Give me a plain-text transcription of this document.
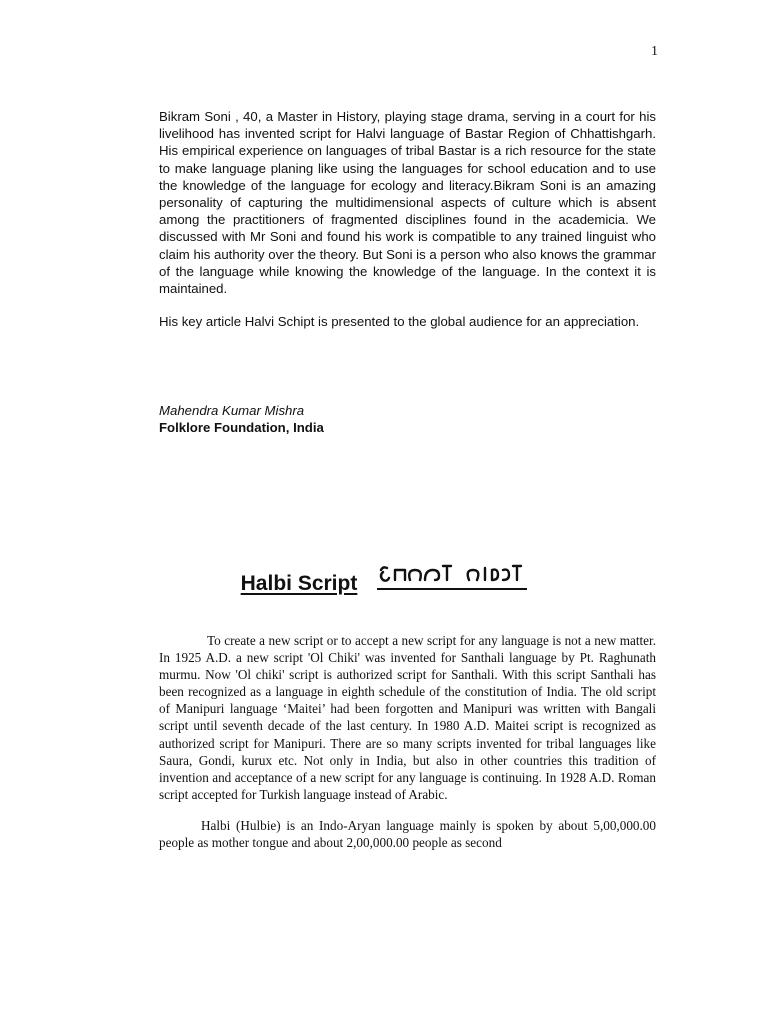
1

Bikram Soni , 40, a Master in History, playing stage drama, serving in a court for his livelihood has invented script for Halvi language of Bastar Region of Chhattishgarh. His empirical experience on languages of tribal Bastar is a rich resource for the state to make language planing like using the languages for school education and to use the knowledge of the language for ecology and literacy.Bikram Soni is an amazing personality of capturing the multidimensional aspects of culture which is absent among the practitioners of fragmented disciplines found in the academicia. We discussed with Mr Soni and found his work is compatible to any trained linguist who claim his authority over the theory. But Soni is a person who also knows the grammar of the language while knowing the knowledge of the language. In the context it is maintained.

His key article Halvi Schipt is presented to the global audience for an appreciation.

Mahendra Kumar Mishra
Folklore Foundation, India
Halbi Script

To create a new script or to accept a new script for any language is not a new matter. In 1925 A.D. a new script 'Ol Chiki' was invented for Santhali language by Pt. Raghunath murmu. Now 'Ol chiki' script is authorized script for Santhali. With this script Santhali has been recognized as a language in eighth schedule of the constitution of India. The old script of Manipuri language ‘Maitei’ had been forgotten and Manipuri was written with Bangali script until seventh decade of the last century. In 1980 A.D. Maitei script is recognized as authorized script for Manipuri. There are so many scripts invented for tribal languages like Saura, Gondi, kurux etc. Not only in India, but also in other countries this tradition of invention and acceptance of a new script for any language is continuing. In 1928 A.D. Roman script accepted for Turkish language instead of Arabic.

Halbi (Hulbie) is an Indo-Aryan language mainly is spoken by about 5,00,000.00 people as mother tongue and about 2,00,000.00 people as second
